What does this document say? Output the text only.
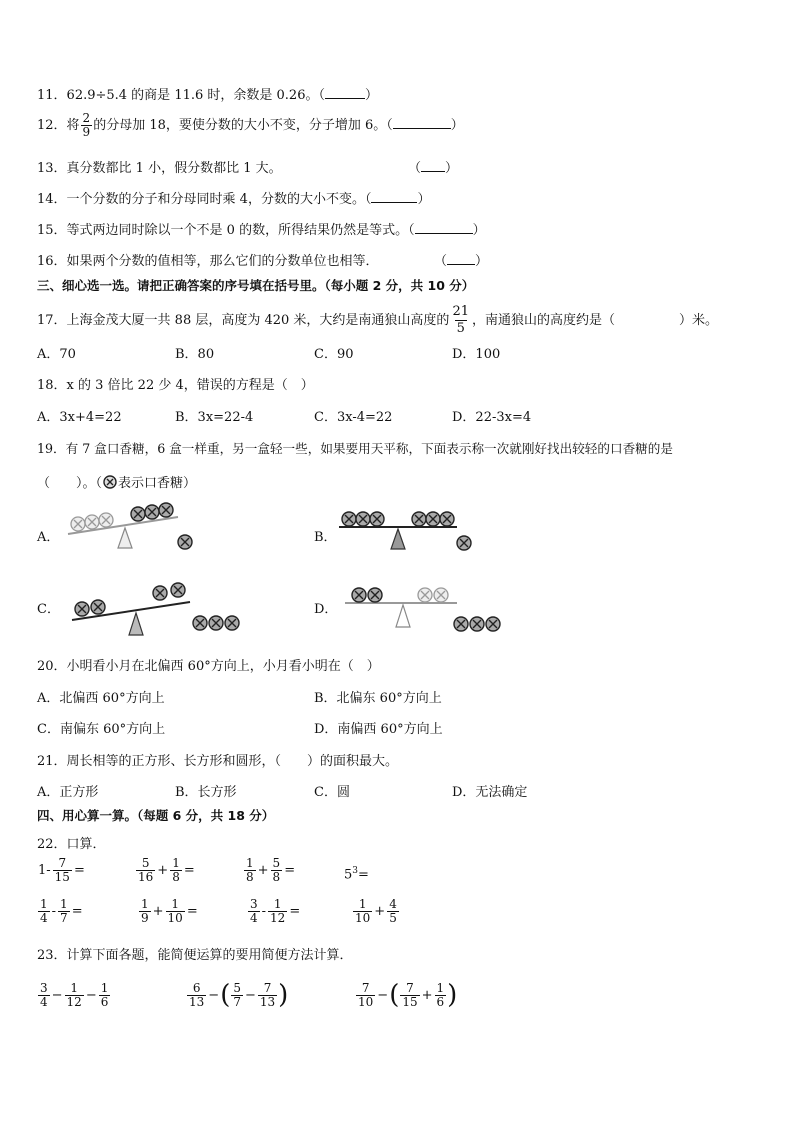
11．62.9÷5.4 的商是 11.6 时，余数是 0.26。（	）
12．将 $\frac{2}{9}$ 的分母加 18，要使分数的大小不变，分子增加 6。（	）
13．真分数都比 1 小，假分数都比 1 大。	（ ）
14．一个分数的分子和分母同时乘 4，分数的大小不变。（	）
15．等式两边同时除以一个不是 0 的数，所得结果仍然是等式。（	）
16．如果两个分数的值相等，那么它们的分数单位也相等．	（ ）
三、细心选一选。请把正确答案的序号填在括号里。（每小题 2 分，共 10 分）
17．上海金茂大厦一共 88 层，高度为 420 米，大约是南通狼山高度的 $\frac{21}{5}$ ，南通狼山的高度约是（	）米。
A．70	B．80	C．90	D．100
18．x 的 3 倍比 22 少 4，错误的方程是（　）
A．3x+4=22	B．3x=22-4	C．3x-4=22	D．22-3x=4
19．有 7 盒口香糖，6 盒一样重，另一盒轻一些，如果要用天平称，下面表示称一次就刚好找出较轻的口香糖的是
（　　）。（ 表示口香糖）
A．	B．
C．	D．
20．小明看小月在北偏西 60°方向上，小月看小明在（　）
A．北偏西 60°方向上	B．北偏东 60°方向上
C．南偏东 60°方向上	D．南偏西 60°方向上
21．周长相等的正方形、长方形和圆形，（　　）的面积最大。
A．正方形	B．长方形	C．圆	D．无法确定
四、用心算一算。（每题 6 分，共 18 分）
22．口算．
$1- \frac{7}{15}$ =	$\frac{5}{16} + \frac{1}{8}$ =	$\frac{1}{8} + \frac{5}{8}$ =	$5^3=$
$\frac{1}{4} - \frac{1}{7}$ =	$\frac{1}{9} + \frac{1}{10}$ =	$\frac{3}{4} - \frac{1}{12}$ =	$\frac{1}{10} + \frac{4}{5}$
23．计算下面各题，能简便运算的要用简便方法计算．
$\frac{3}{4} - \frac{1}{12} - \frac{1}{6}$	$\frac{6}{13}$ −( $\frac{5}{7} - \frac{7}{13}$ )	$\frac{7}{10}$ −( $\frac{7}{15} + \frac{1}{6}$ )
